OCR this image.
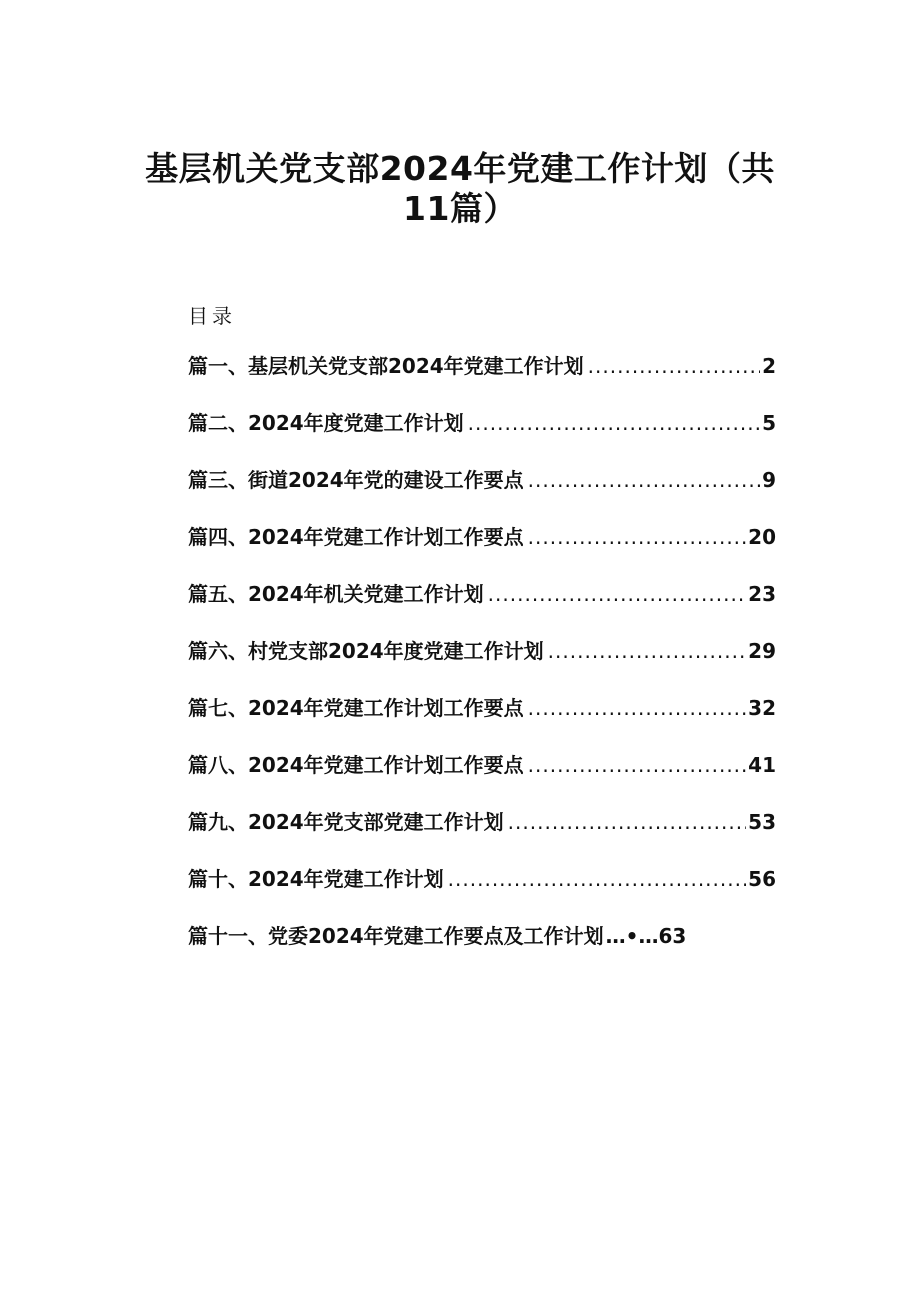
基层机关党支部2024年党建工作计划（共
11篇）
目录
篇一、基层机关党支部2024年党建工作计划 .....	2
篇二、2024年度党建工作计划 .....	5
篇三、街道2024年党的建设工作要点 .....	9
篇四、2024年党建工作计划工作要点 .....	20
篇五、2024年机关党建工作计划 .....	23
篇六、村党支部2024年度党建工作计划 .....	29
篇七、2024年党建工作计划工作要点 .....	32
篇八、2024年党建工作计划工作要点 .....	41
篇九、2024年党支部党建工作计划 .....	53
篇十、2024年党建工作计划 .....	56
篇十一、党委2024年党建工作要点及工作计划 …•…63
